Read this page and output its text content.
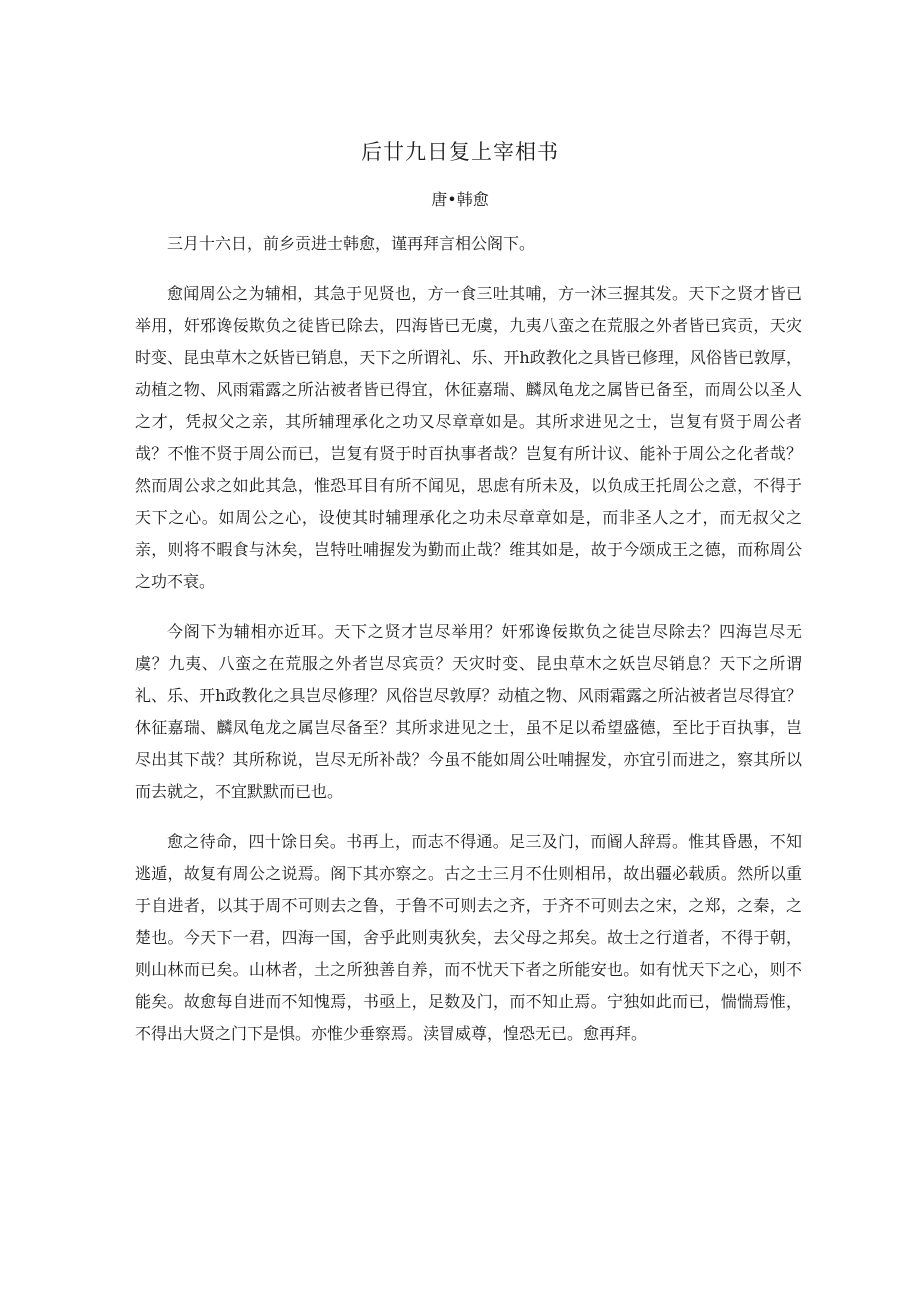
后廿九日复上宰相书
唐•韩愈

三月十六日，前乡贡进士韩愈，谨再拜言相公阁下。

愈闻周公之为辅相，其急于见贤也，方一食三吐其哺，方一沐三握其发。天下之贤才皆已举用，奸邪谗佞欺负之徒皆已除去，四海皆已无虞，九夷八蛮之在荒服之外者皆已宾贡，天灾时变、昆虫草木之妖皆已销息，天下之所谓礼、乐、开h政教化之具皆已修理，风俗皆已敦厚，动植之物、风雨霜露之所沾被者皆已得宜，休征嘉瑞、麟凤龟龙之属皆已备至，而周公以圣人之才，凭叔父之亲，其所辅理承化之功又尽章章如是。其所求进见之士，岂复有贤于周公者哉？不惟不贤于周公而已，岂复有贤于时百执事者哉？岂复有所计议、能补于周公之化者哉？然而周公求之如此其急，惟恐耳目有所不闻见，思虑有所未及，以负成王托周公之意，不得于天下之心。如周公之心，设使其时辅理承化之功未尽章章如是，而非圣人之才，而无叔父之亲，则将不暇食与沐矣，岂特吐哺握发为勤而止哉？维其如是，故于今颂成王之德，而称周公之功不衰。

今阁下为辅相亦近耳。天下之贤才岂尽举用？奸邪谗佞欺负之徒岂尽除去？四海岂尽无虞？九夷、八蛮之在荒服之外者岂尽宾贡？天灾时变、昆虫草木之妖岂尽销息？天下之所谓礼、乐、开h政教化之具岂尽修理？风俗岂尽敦厚？动植之物、风雨霜露之所沾被者岂尽得宜？休征嘉瑞、麟凤龟龙之属岂尽备至？其所求进见之士，虽不足以希望盛德，至比于百执事，岂尽出其下哉？其所称说，岂尽无所补哉？今虽不能如周公吐哺握发，亦宜引而进之，察其所以而去就之，不宜默默而已也。

愈之待命，四十馀日矣。书再上，而志不得通。足三及门，而阍人辞焉。惟其昏愚，不知逃遁，故复有周公之说焉。阁下其亦察之。古之士三月不仕则相吊，故出疆必载质。然所以重于自进者，以其于周不可则去之鲁，于鲁不可则去之齐，于齐不可则去之宋，之郑，之秦，之楚也。今天下一君，四海一国，舍乎此则夷狄矣，去父母之邦矣。故士之行道者，不得于朝，则山林而已矣。山林者，土之所独善自养，而不忧天下者之所能安也。如有忧天下之心，则不能矣。故愈每自进而不知愧焉，书亟上，足数及门，而不知止焉。宁独如此而已，惴惴焉惟，不得出大贤之门下是惧。亦惟少垂察焉。渎冒威尊，惶恐无已。愈再拜。
